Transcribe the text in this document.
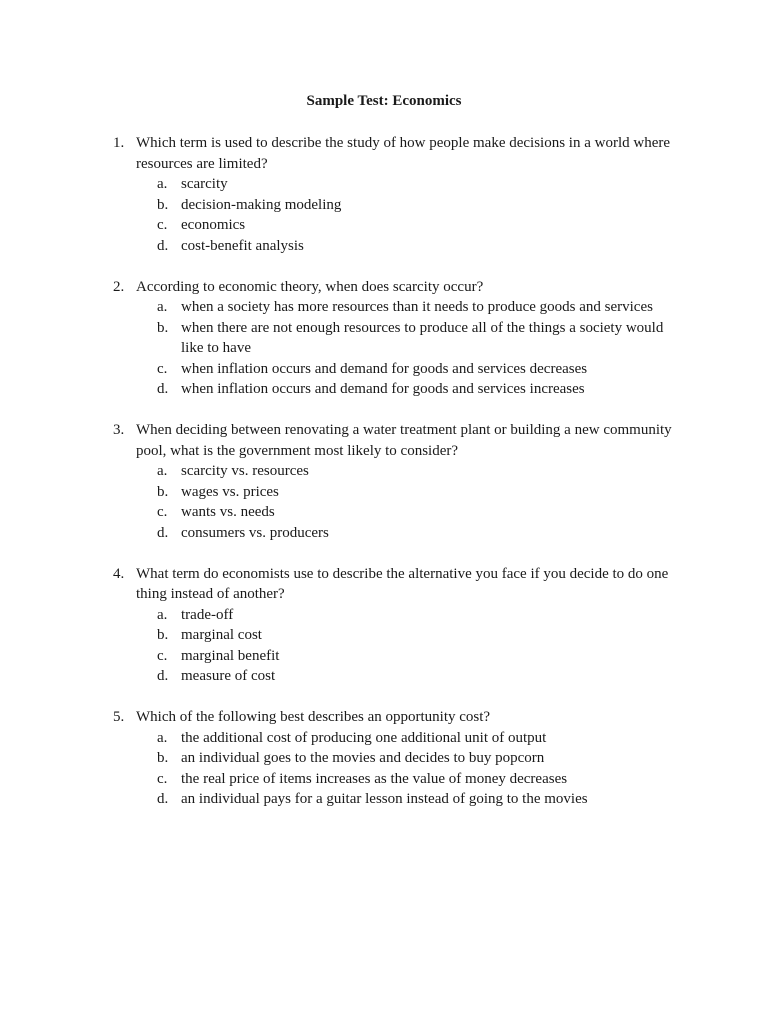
Sample Test: Economics
1. Which term is used to describe the study of how people make decisions in a world where resources are limited?
a. scarcity
b. decision-making modeling
c. economics
d. cost-benefit analysis
2. According to economic theory, when does scarcity occur?
a. when a society has more resources than it needs to produce goods and services
b. when there are not enough resources to produce all of the things a society would like to have
c. when inflation occurs and demand for goods and services decreases
d. when inflation occurs and demand for goods and services increases
3. When deciding between renovating a water treatment plant or building a new community pool, what is the government most likely to consider?
a. scarcity vs. resources
b. wages vs. prices
c. wants vs. needs
d. consumers vs. producers
4. What term do economists use to describe the alternative you face if you decide to do one thing instead of another?
a. trade-off
b. marginal cost
c. marginal benefit
d. measure of cost
5. Which of the following best describes an opportunity cost?
a. the additional cost of producing one additional unit of output
b. an individual goes to the movies and decides to buy popcorn
c. the real price of items increases as the value of money decreases
d. an individual pays for a guitar lesson instead of going to the movies
